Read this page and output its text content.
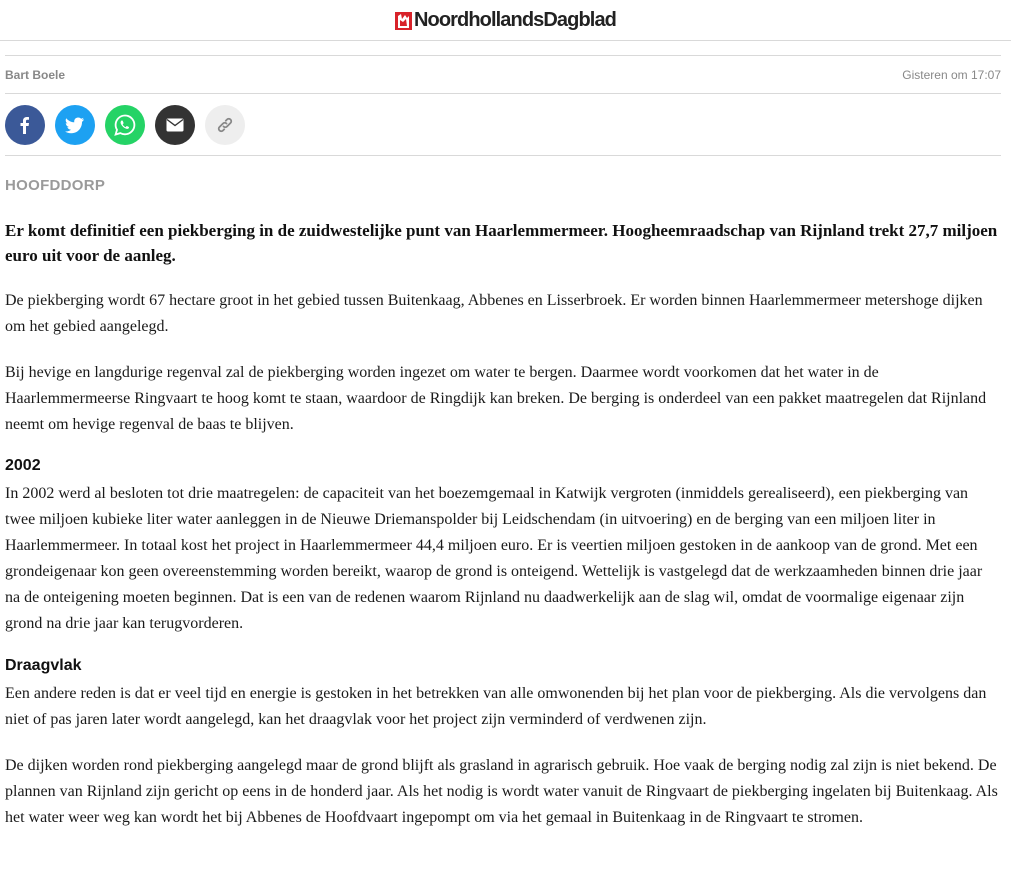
NoordhollandsDagblad
Bart Boele	Gisteren om 17:07
HOOFDDORP

Er komt definitief een piekberging in de zuidwestelijke punt van Haarlemmermeer. Hoogheemraadschap van Rijnland trekt 27,7 miljoen euro uit voor de aanleg.

De piekberging wordt 67 hectare groot in het gebied tussen Buitenkaag, Abbenes en Lisserbroek. Er worden binnen Haarlemmermeer metershoge dijken om het gebied aangelegd.

Bij hevige en langdurige regenval zal de piekberging worden ingezet om water te bergen. Daarmee wordt voorkomen dat het water in de Haarlemmermeerse Ringvaart te hoog komt te staan, waardoor de Ringdijk kan breken. De berging is onderdeel van een pakket maatregelen dat Rijnland neemt om hevige regenval de baas te blijven.

2002

In 2002 werd al besloten tot drie maatregelen: de capaciteit van het boezemgemaal in Katwijk vergroten (inmiddels gerealiseerd), een piekberging van twee miljoen kubieke liter water aanleggen in de Nieuwe Driemanspolder bij Leidschendam (in uitvoering) en de berging van een miljoen liter in Haarlemmermeer. In totaal kost het project in Haarlemmermeer 44,4 miljoen euro. Er is veertien miljoen gestoken in de aankoop van de grond. Met een grondeigenaar kon geen overeenstemming worden bereikt, waarop de grond is onteigend. Wettelijk is vastgelegd dat de werkzaamheden binnen drie jaar na de onteigening moeten beginnen. Dat is een van de redenen waarom Rijnland nu daadwerkelijk aan de slag wil, omdat de voormalige eigenaar zijn grond na drie jaar kan terugvorderen.

Draagvlak

Een andere reden is dat er veel tijd en energie is gestoken in het betrekken van alle omwonenden bij het plan voor de piekberging. Als die vervolgens dan niet of pas jaren later wordt aangelegd, kan het draagvlak voor het project zijn verminderd of verdwenen zijn.

De dijken worden rond piekberging aangelegd maar de grond blijft als grasland in agrarisch gebruik. Hoe vaak de berging nodig zal zijn is niet bekend. De plannen van Rijnland zijn gericht op eens in de honderd jaar. Als het nodig is wordt water vanuit de Ringvaart de piekberging ingelaten bij Buitenkaag. Als het water weer weg kan wordt het bij Abbenes de Hoofdvaart ingepompt om via het gemaal in Buitenkaag in de Ringvaart te stromen.
